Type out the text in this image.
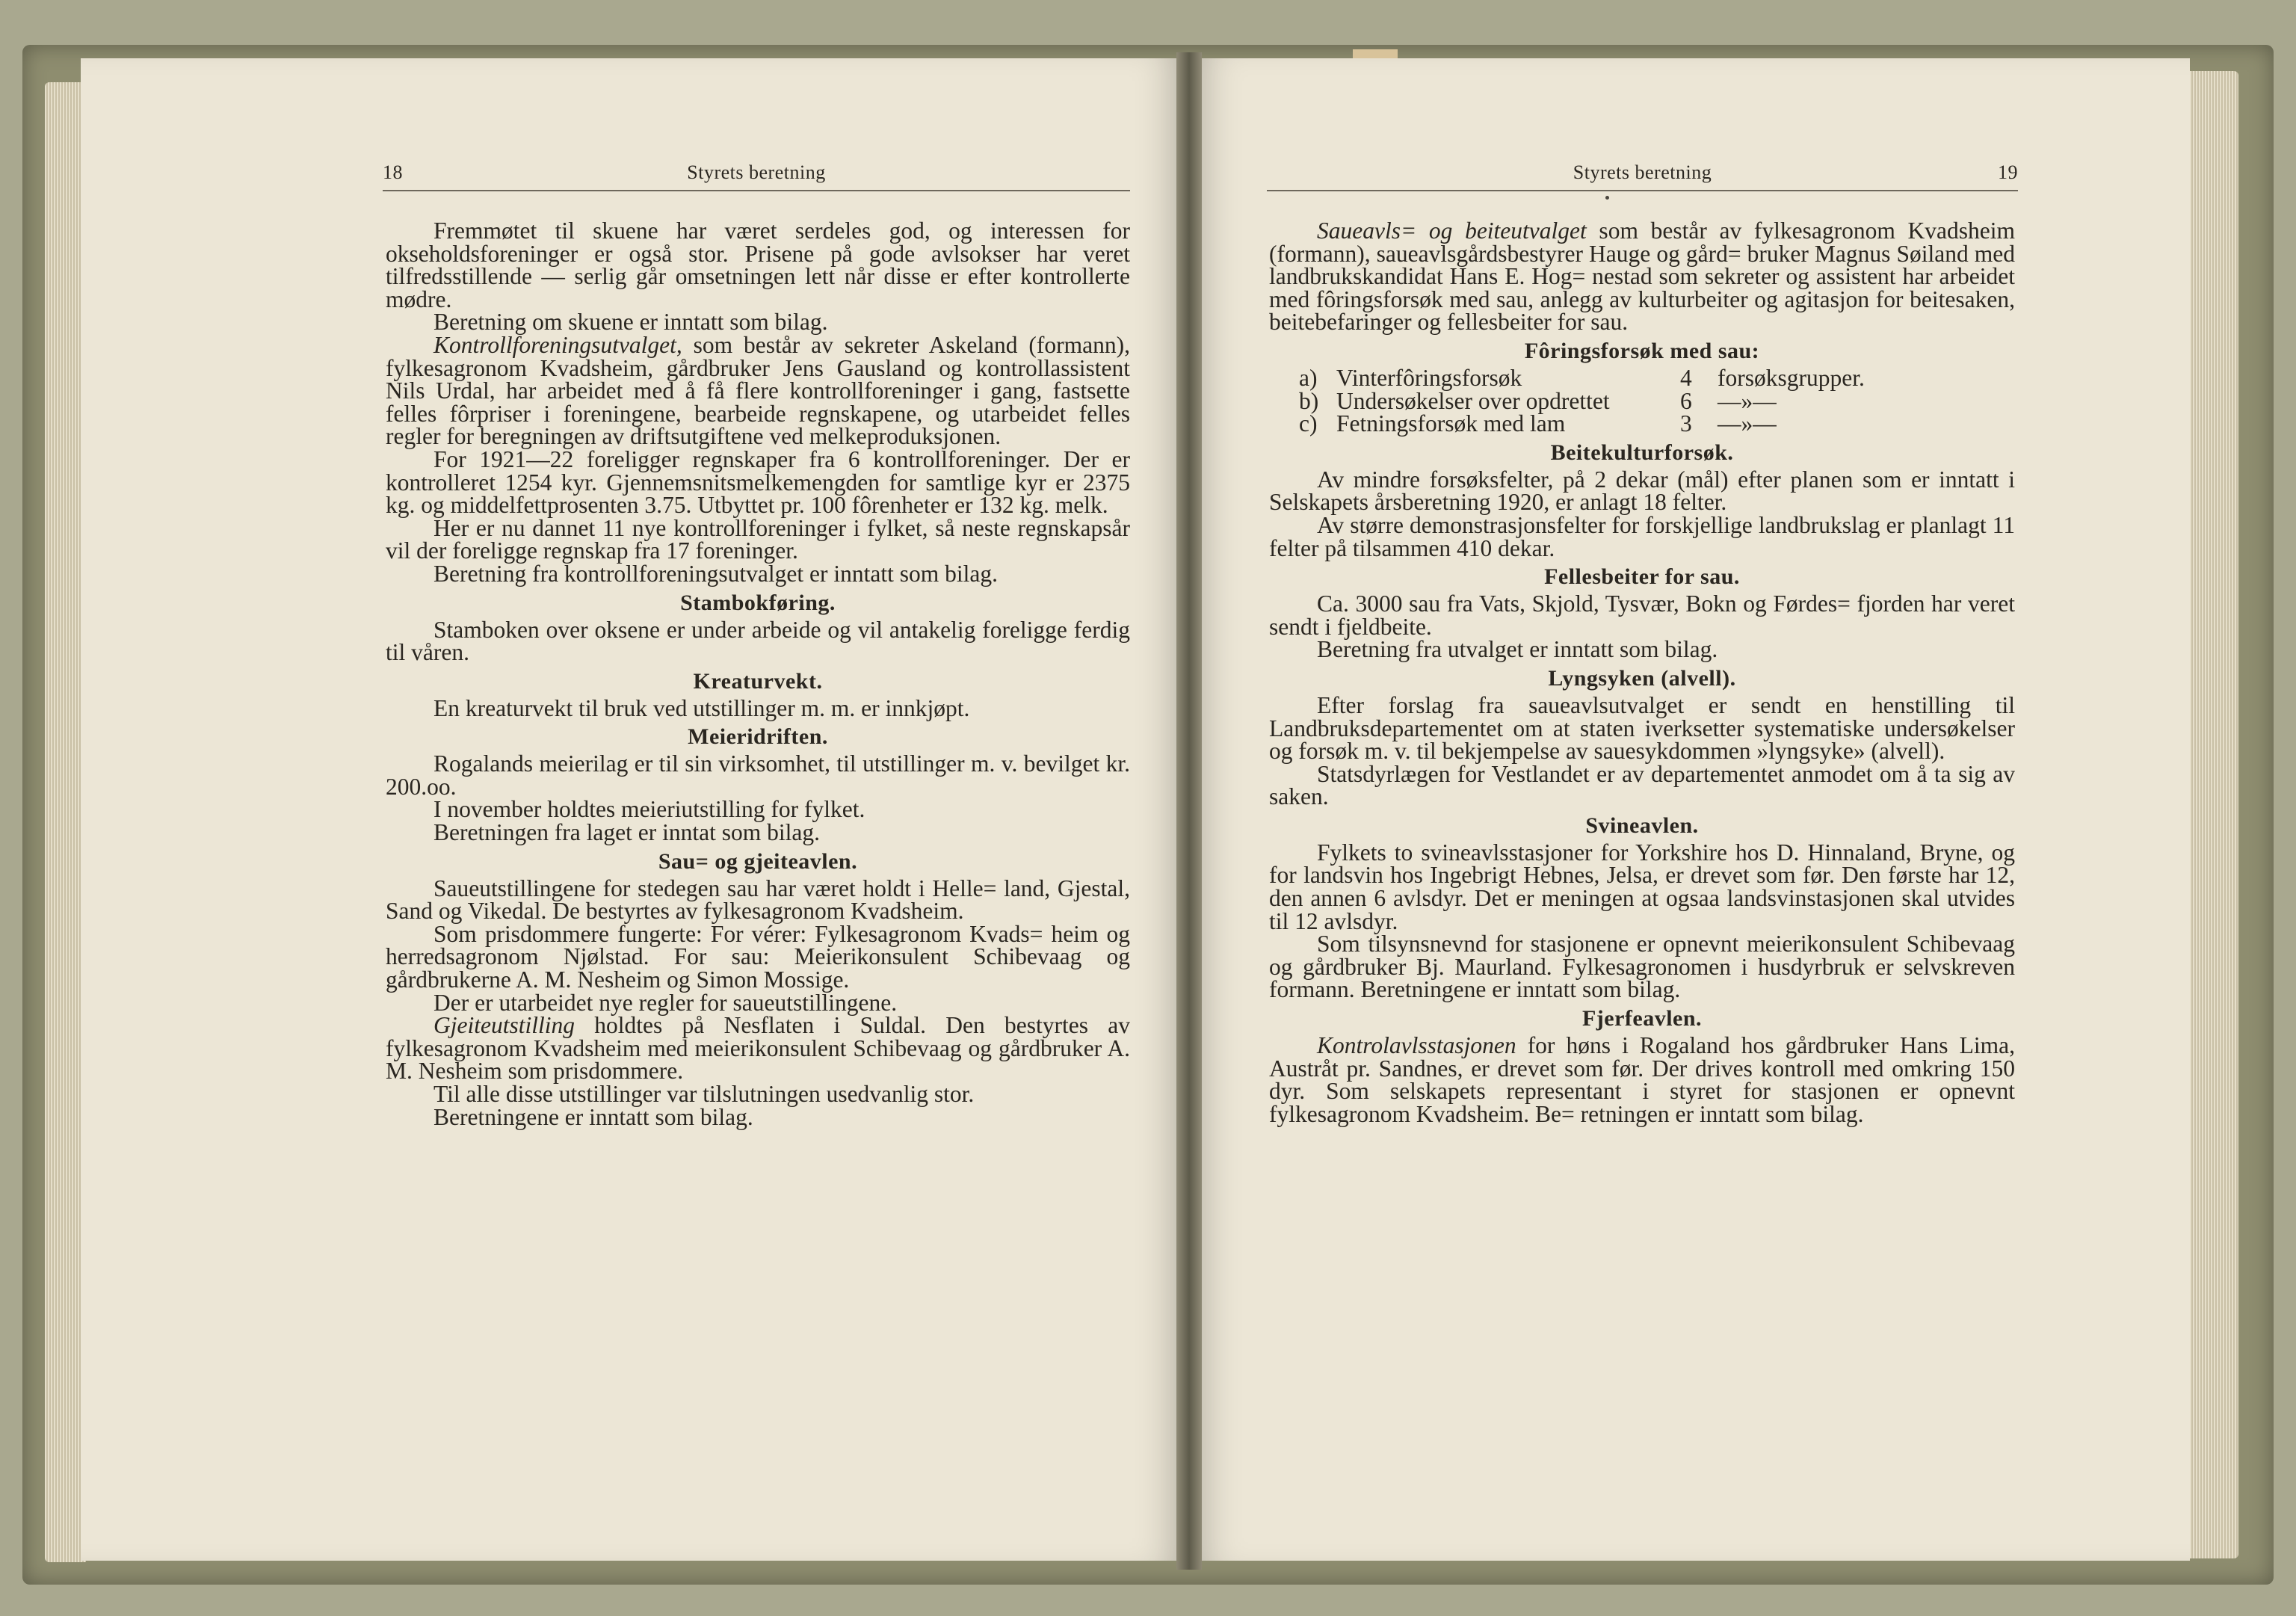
18	Styrets beretning	Styrets beretning	19

Fremmøtet til skuene har været serdeles god, og interessen for okseholdsforeninger er også stor. Prisene på gode avlsokser har veret tilfredsstillende — serlig går omsetningen lett når disse er efter kontrollerte mødre.

Beretning om skuene er inntatt som bilag.

Kontrollforeningsutvalget, som består av sekreter Askeland (formann), fylkesagronom Kvadsheim, gårdbruker Jens Gausland og kontrollassistent Nils Urdal, har arbeidet med å få flere kontrollforeninger i gang, fastsette felles fôrpriser i foreningene, bearbeide regnskapene, og utarbeidet felles regler for beregningen av driftsutgiftene ved melkeproduksjonen.

For 1921—22 foreligger regnskaper fra 6 kontrollforeninger. Der er kontrolleret 1254 kyr. Gjennemsnitsmelkemengden for samtlige kyr er 2375 kg. og middelfettprosenten 3.75. Utbyttet pr. 100 fôrenheter er 132 kg. melk.

Her er nu dannet 11 nye kontrollforeninger i fylket, så neste regnskapsår vil der foreligge regnskap fra 17 foreninger.

Beretning fra kontrollforeningsutvalget er inntatt som bilag.

Stambokføring.

Stamboken over oksene er under arbeide og vil antakelig foreligge ferdig til våren.

Kreaturvekt.

En kreaturvekt til bruk ved utstillinger m. m. er innkjøpt.

Meieridriften.

Rogalands meierilag er til sin virksomhet, til utstillinger m. v. bevilget kr. 200.oo.

I november holdtes meieriutstilling for fylket.

Beretningen fra laget er inntat som bilag.

Sau= og gjeiteavlen.

Saueutstillingene for stedegen sau har været holdt i Helle= land, Gjestal, Sand og Vikedal. De bestyrtes av fylkesagronom Kvadsheim.

Som prisdommere fungerte: For vérer: Fylkesagronom Kvads= heim og herredsagronom Njølstad. For sau: Meierikonsulent Schibevaag og gårdbrukerne A. M. Nesheim og Simon Mossige.

Der er utarbeidet nye regler for saueutstillingene.

Gjeiteutstilling holdtes på Nesflaten i Suldal. Den bestyrtes av fylkesagronom Kvadsheim med meierikonsulent Schibevaag og gårdbruker A. M. Nesheim som prisdommere.

Til alle disse utstillinger var tilslutningen usedvanlig stor.

Beretningene er inntatt som bilag.

Saueavls= og beiteutvalget som består av fylkesagronom Kvadsheim (formann), saueavlsgårdsbestyrer Hauge og gård= bruker Magnus Søiland med landbrukskandidat Hans E. Hog= nestad som sekreter og assistent har arbeidet med fôringsforsøk med sau, anlegg av kulturbeiter og agitasjon for beitesaken, beitebefaringer og fellesbeiter for sau.

Fôringsforsøk med sau:
a) Vinterfôringsforsøk	4	forsøksgrupper.
b) Undersøkelser over opdrettet	6	—»—
c) Fetningsforsøk med lam	3	—»—
Beitekulturforsøk.

Av mindre forsøksfelter, på 2 dekar (mål) efter planen som er inntatt i Selskapets årsberetning 1920, er anlagt 18 felter.

Av større demonstrasjonsfelter for forskjellige landbrukslag er planlagt 11 felter på tilsammen 410 dekar.

Fellesbeiter for sau.

Ca. 3000 sau fra Vats, Skjold, Tysvær, Bokn og Førdes= fjorden har veret sendt i fjeldbeite.

Beretning fra utvalget er inntatt som bilag.

Lyngsyken (alvell).

Efter forslag fra saueavlsutvalget er sendt en henstilling til Landbruksdepartementet om at staten iverksetter systematiske undersøkelser og forsøk m. v. til bekjempelse av sauesykdommen »lyngsyke» (alvell).

Statsdyrlægen for Vestlandet er av departementet anmodet om å ta sig av saken.

Svineavlen.

Fylkets to svineavlsstasjoner for Yorkshire hos D. Hinnaland, Bryne, og for landsvin hos Ingebrigt Hebnes, Jelsa, er drevet som før. Den første har 12, den annen 6 avlsdyr. Det er meningen at ogsaa landsvinstasjonen skal utvides til 12 avlsdyr.

Som tilsynsnevnd for stasjonene er opnevnt meierikonsulent Schibevaag og gårdbruker Bj. Maurland. Fylkesagronomen i husdyrbruk er selvskreven formann. Beretningene er inntatt som bilag.

Fjerfeavlen.

Kontrolavlsstasjonen for høns i Rogaland hos gårdbruker Hans Lima, Austråt pr. Sandnes, er drevet som før. Der drives kontroll med omkring 150 dyr. Som selskapets representant i styret for stasjonen er opnevnt fylkesagronom Kvadsheim. Be= retningen er inntatt som bilag.
